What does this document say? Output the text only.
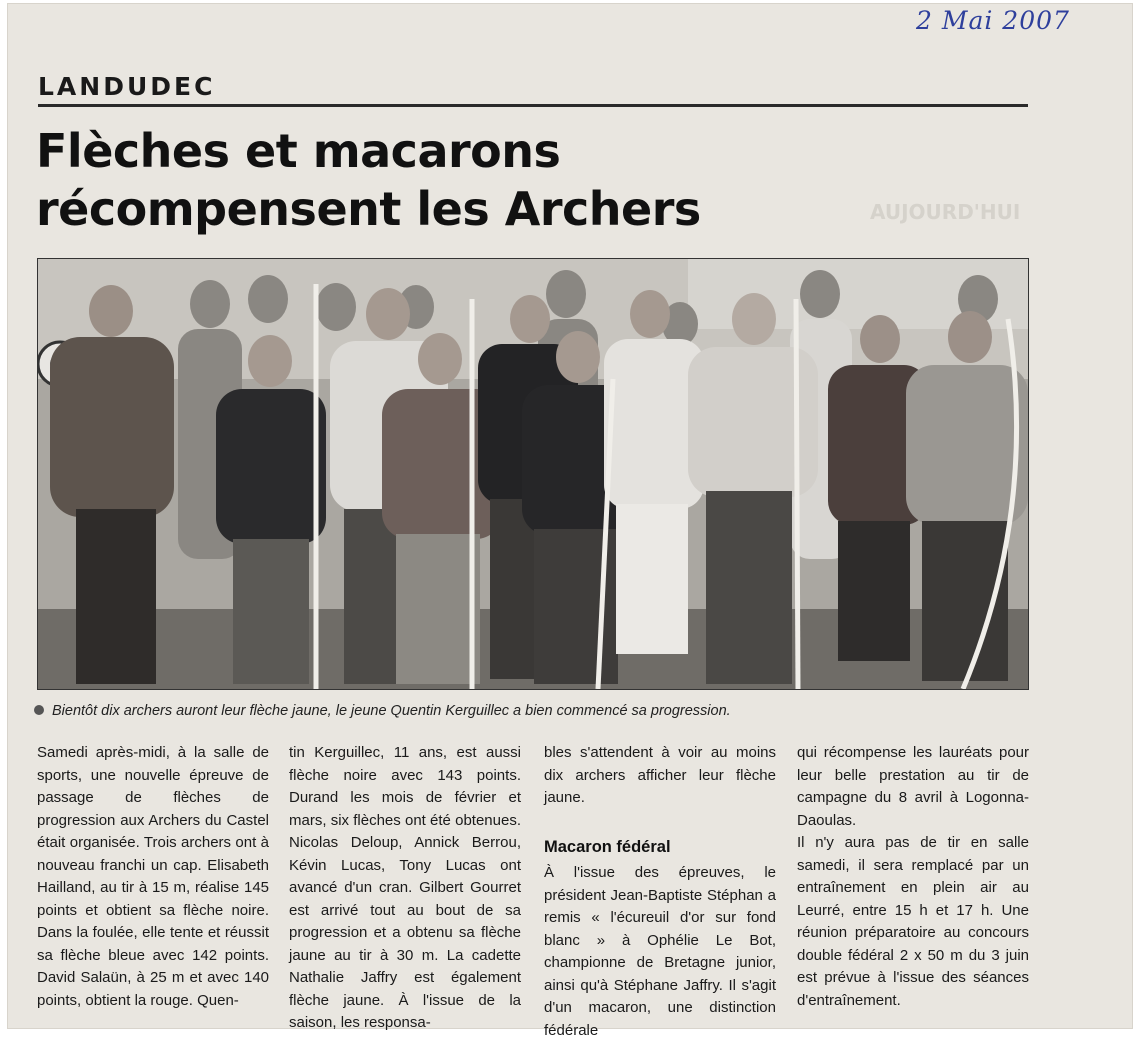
2 Mai 2007
LANDUDEC
AUJOURD'HUI
Flèches et macarons
récompensent les Archers
Bientôt dix archers auront leur flèche jaune, le jeune Quentin Kerguillec a bien commencé sa progression.

Samedi après-midi, à la salle de sports, une nouvelle épreuve de passage de flèches de progression aux Archers du Castel était organisée. Trois archers ont à nouveau franchi un cap. Elisabeth Hailland, au tir à 15 m, réalise 145 points et obtient sa flèche noire. Dans la foulée, elle tente et réussit sa flèche bleue avec 142 points. David Salaün, à 25 m et avec 140 points, obtient la rouge. Quen-

tin Kerguillec, 11 ans, est aussi flèche noire avec 143 points. Durand les mois de février et mars, six flèches ont été obtenues. Nicolas Deloup, Annick Berrou, Kévin Lucas, Tony Lucas ont avancé d'un cran. Gilbert Gourret est arrivé tout au bout de sa progression et a obtenu sa flèche jaune au tir à 30 m. La cadette Nathalie Jaffry est également flèche jaune. À l'issue de la saison, les responsa-

bles s'attendent à voir au moins dix archers afficher leur flèche jaune.

Macaron fédéral

À l'issue des épreuves, le président Jean-Baptiste Stéphan a remis « l'écureuil d'or sur fond blanc » à Ophélie Le Bot, championne de Bretagne junior, ainsi qu'à Stéphane Jaffry. Il s'agit d'un macaron, une distinction fédérale

qui récompense les lauréats pour leur belle prestation au tir de campagne du 8 avril à Logonna-Daoulas.

Il n'y aura pas de tir en salle samedi, il sera remplacé par un entraînement en plein air au Leurré, entre 15 h et 17 h. Une réunion préparatoire au concours double fédéral 2 x 50 m du 3 juin est prévue à l'issue des séances d'entraînement.
